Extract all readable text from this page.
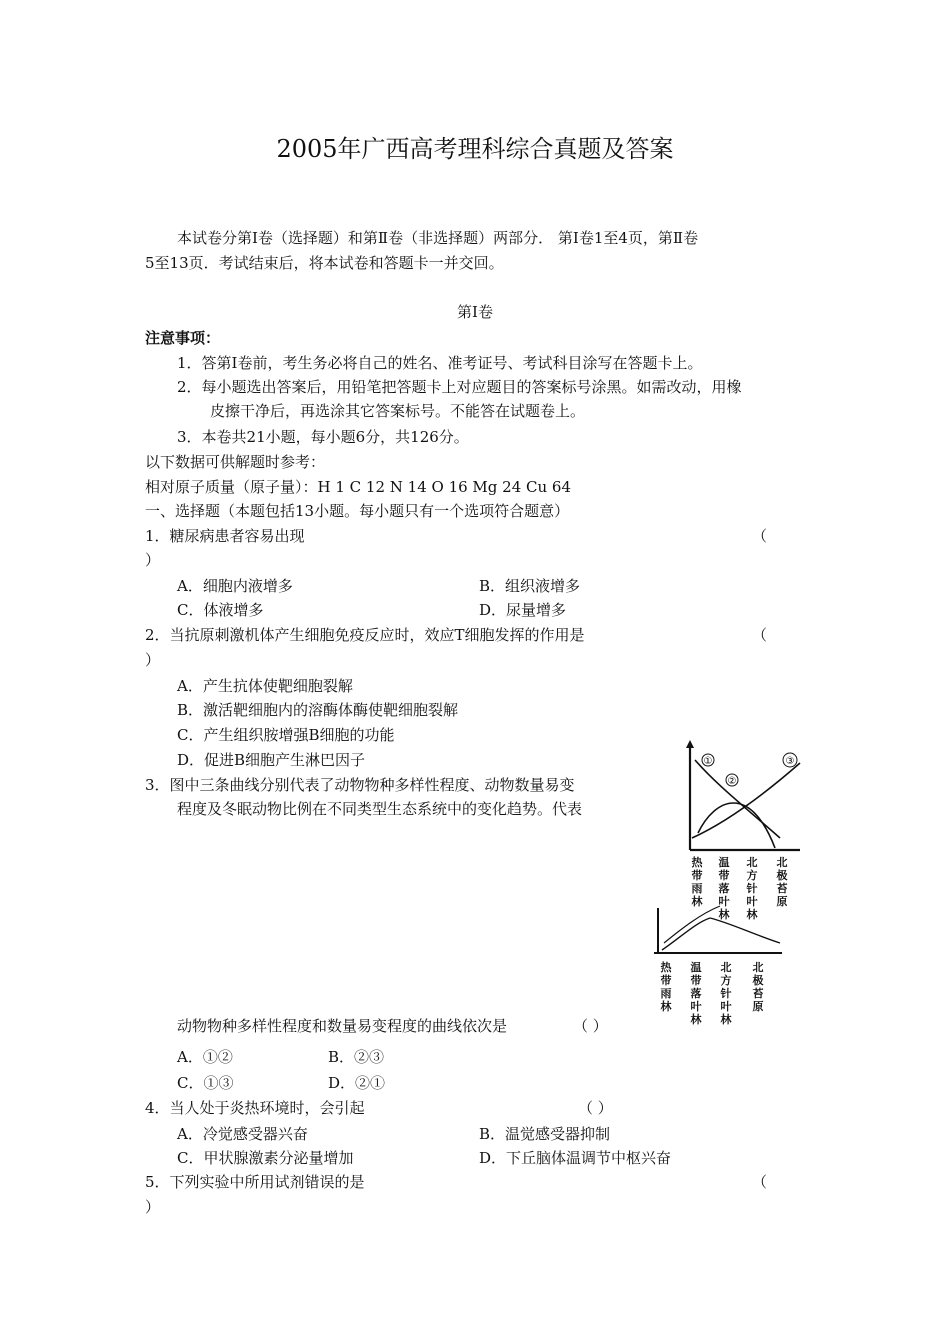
2005年广西高考理科综合真题及答案
本试卷分第Ⅰ卷（选择题）和第Ⅱ卷（非选择题）两部分． 第Ⅰ卷1至4页，第Ⅱ卷
5至13页．考试结束后，将本试卷和答题卡一并交回。
第Ⅰ卷
注意事项：
1．答第Ⅰ卷前，考生务必将自己的姓名、准考证号、考试科目涂写在答题卡上。
2．每小题选出答案后，用铅笔把答题卡上对应题目的答案标号涂黑。如需改动，用橡
皮擦干净后，再选涂其它答案标号。不能答在试题卷上。
3．本卷共21小题，每小题6分，共126分。
以下数据可供解题时参考：
相对原子质量（原子量）：H 1 C 12 N 14 O 16 Mg 24 Cu 64
一、选择题（本题包括13小题。每小题只有一个选项符合题意）
1．糖尿病患者容易出现	（
）
A．细胞内液增多	B．组织液增多
C．体液增多	D．尿量增多
2．当抗原刺激机体产生细胞免疫反应时，效应T细胞发挥的作用是	（
）
A．产生抗体使靶细胞裂解
B．激活靶细胞内的溶酶体酶使靶细胞裂解
C．产生组织胺增强B细胞的功能
D．促进B细胞产生淋巴因子
3．图中三条曲线分别代表了动物物种多样性程度、动物数量易变
程度及冬眠动物比例在不同类型生态系统中的变化趋势。代表
①
②
③
热带雨林
温带落叶林
北方针叶林
北极苔原
热带雨林
温带落叶林
北方针叶林
北极苔原
动物物种多样性程度和数量易变程度的曲线依次是	（ ）
A．①②	B．②③
C．①③	D．②①
4．当人处于炎热环境时，会引起	（ ）
A．冷觉感受器兴奋	B．温觉感受器抑制
C．甲状腺激素分泌量增加	D．下丘脑体温调节中枢兴奋
5．下列实验中所用试剂错误的是	（
）
